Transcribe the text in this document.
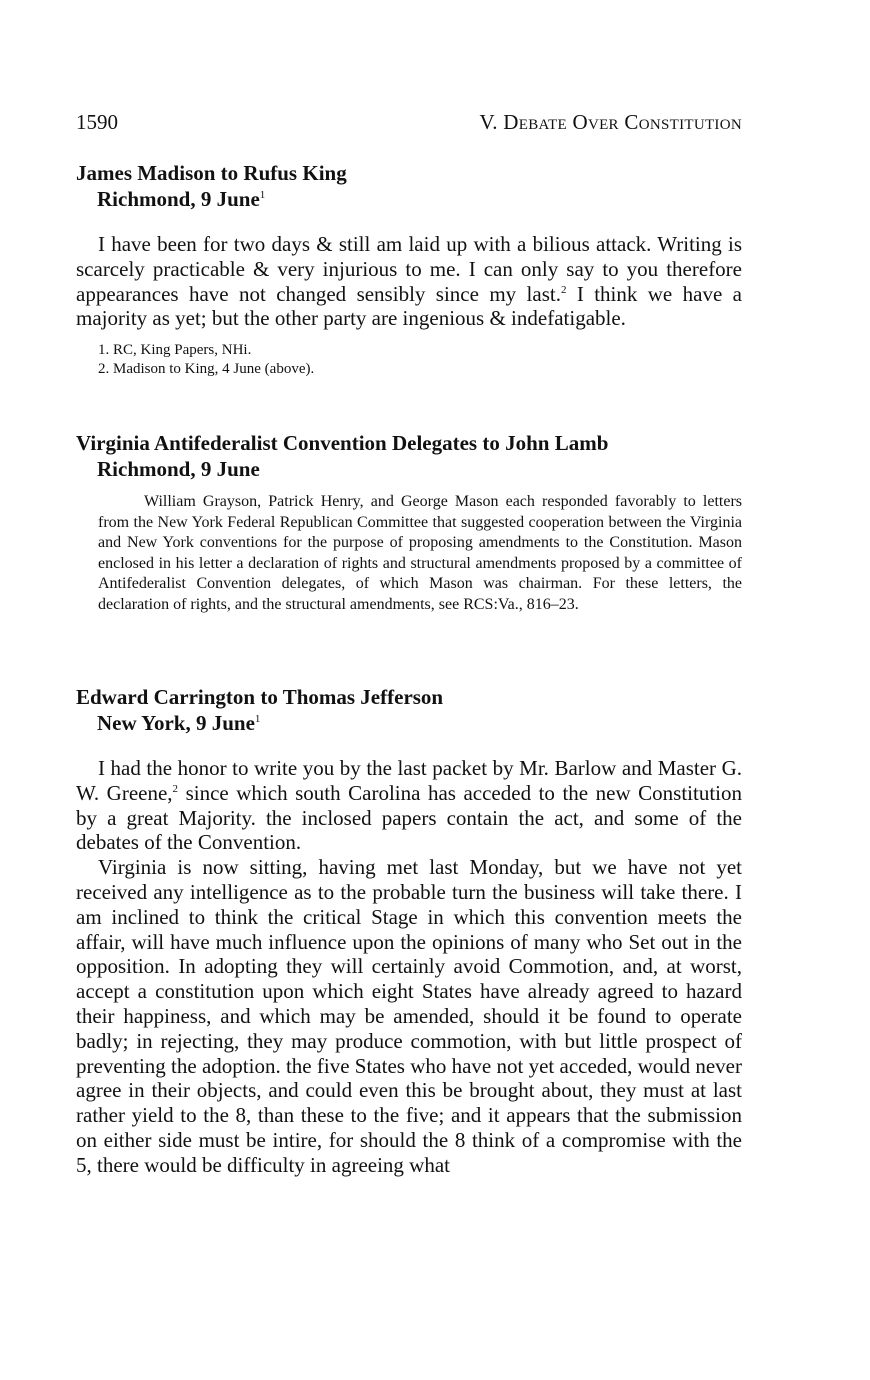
1590	V. Debate Over Constitution
James Madison to Rufus King
Richmond, 9 June$^1$

I have been for two days & still am laid up with a bilious attack. Writing is scarcely practicable & very injurious to me. I can only say to you therefore appearances have not changed sensibly since my last.$^2$ I think we have a majority as yet; but the other party are ingenious & indefatigable.

1. RC, King Papers, NHi.

2. Madison to King, 4 June (above).

Virginia Antifederalist Convention Delegates to John Lamb
Richmond, 9 June

William Grayson, Patrick Henry, and George Mason each responded favorably to letters from the New York Federal Republican Committee that suggested cooperation between the Virginia and New York conventions for the purpose of proposing amendments to the Constitution. Mason enclosed in his letter a declaration of rights and structural amendments proposed by a committee of Antifederalist Convention delegates, of which Mason was chairman. For these letters, the declaration of rights, and the structural amendments, see RCS:Va., 816–23.

Edward Carrington to Thomas Jefferson
New York, 9 June$^1$

I had the honor to write you by the last packet by Mr. Barlow and Master G. W. Greene,$^2$ since which south Carolina has acceded to the new Constitution by a great Majority. the inclosed papers contain the act, and some of the debates of the Convention.

Virginia is now sitting, having met last Monday, but we have not yet received any intelligence as to the probable turn the business will take there. I am inclined to think the critical Stage in which this convention meets the affair, will have much influence upon the opinions of many who Set out in the opposition. In adopting they will certainly avoid Commotion, and, at worst, accept a constitution upon which eight States have already agreed to hazard their happiness, and which may be amended, should it be found to operate badly; in rejecting, they may produce commotion, with but little prospect of preventing the adoption. the five States who have not yet acceded, would never agree in their objects, and could even this be brought about, they must at last rather yield to the 8, than these to the five; and it appears that the submission on either side must be intire, for should the 8 think of a compromise with the 5, there would be difficulty in agreeing what
